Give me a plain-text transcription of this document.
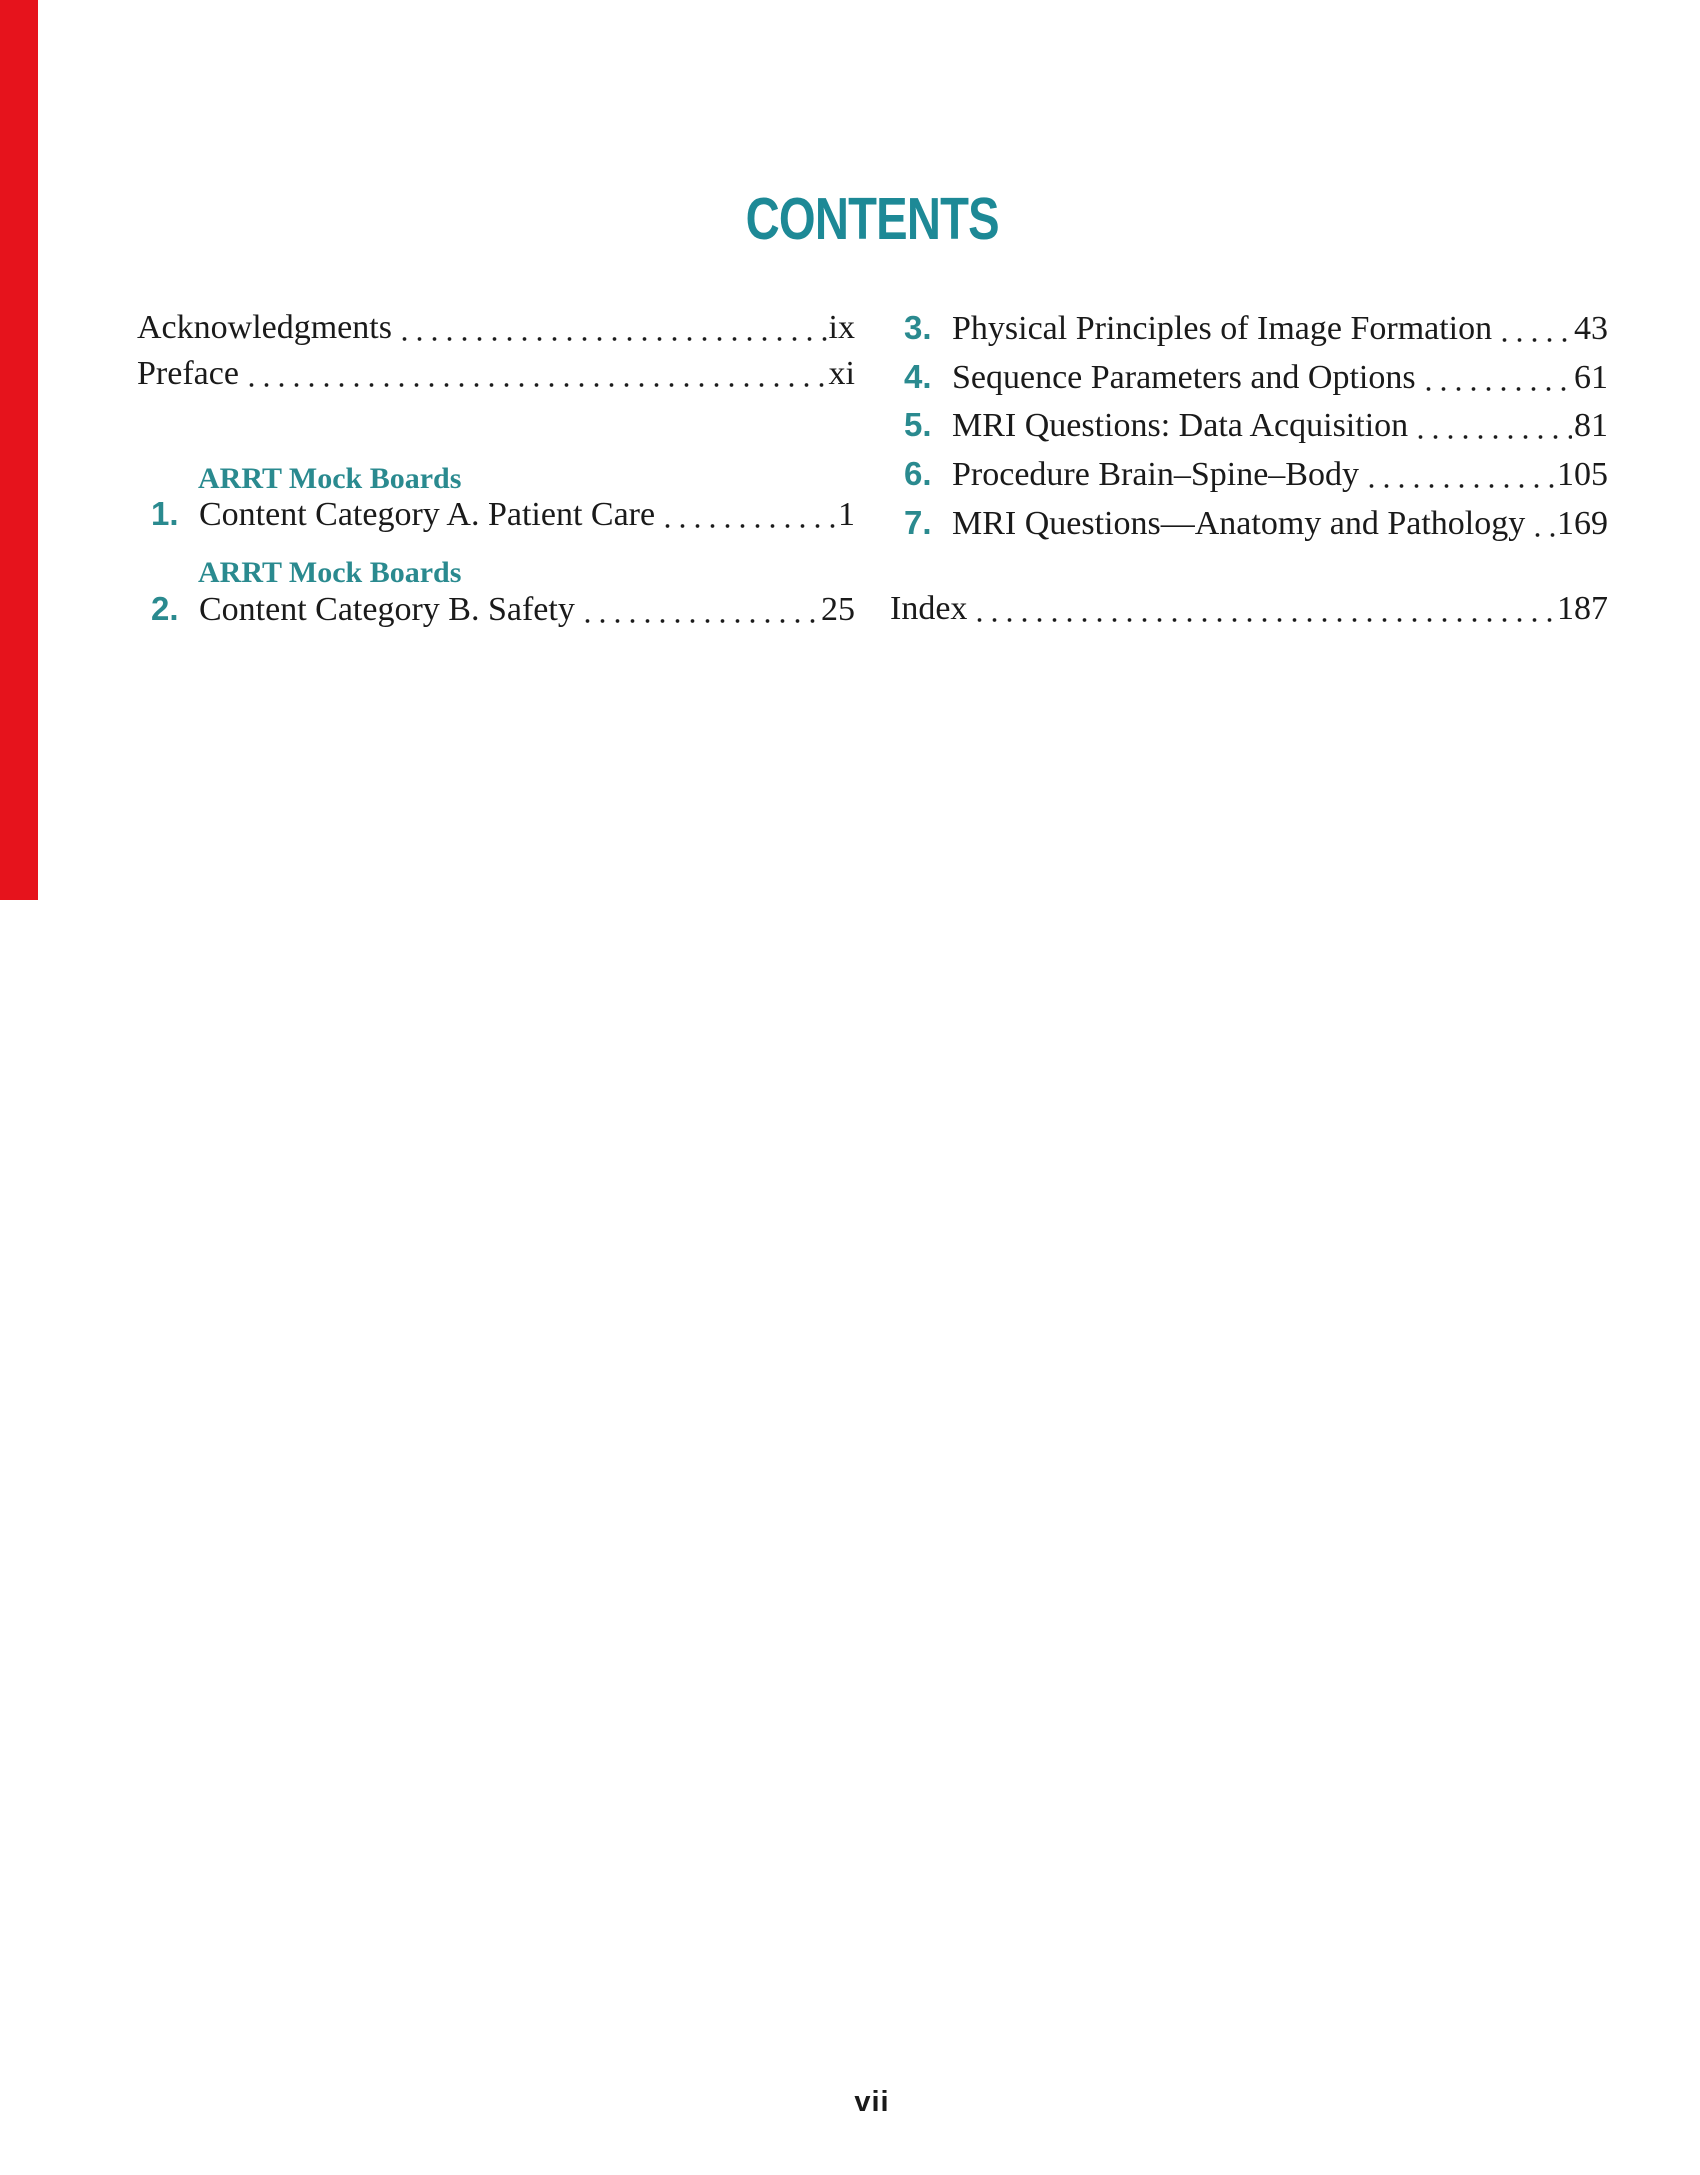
CONTENTS
Acknowledgments	ix
Preface	xi
ARRT Mock Boards
1. Content Category A. Patient Care	1
ARRT Mock Boards
2. Content Category B. Safety	25
3. Physical Principles of Image Formation 43
4. Sequence Parameters and Options	61
5. MRI Questions: Data Acquisition	81
6. Procedure Brain–Spine–Body	105
7. MRI Questions—Anatomy and Pathology 169
Index	187
vii
